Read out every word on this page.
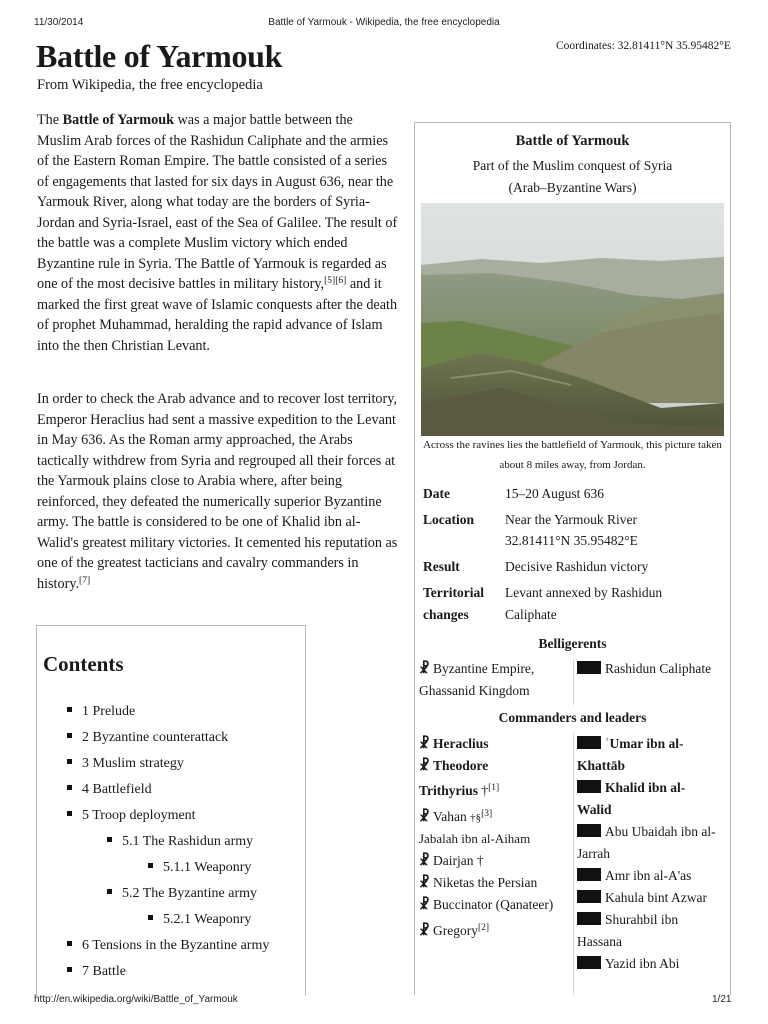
11/30/2014	Battle of Yarmouk - Wikipedia, the free encyclopedia
Coordinates: 32.81411°N 35.95482°E
Battle of Yarmouk
From Wikipedia, the free encyclopedia

The Battle of Yarmouk was a major battle between the Muslim Arab forces of the Rashidun Caliphate and the armies of the Eastern Roman Empire. The battle consisted of a series of engagements that lasted for six days in August 636, near the Yarmouk River, along what today are the borders of Syria-Jordan and Syria-Israel, east of the Sea of Galilee. The result of the battle was a complete Muslim victory which ended Byzantine rule in Syria. The Battle of Yarmouk is regarded as one of the most decisive battles in military history,[5][6] and it marked the first great wave of Islamic conquests after the death of prophet Muhammad, heralding the rapid advance of Islam into the then Christian Levant.

In order to check the Arab advance and to recover lost territory, Emperor Heraclius had sent a massive expedition to the Levant in May 636. As the Roman army approached, the Arabs tactically withdrew from Syria and regrouped all their forces at the Yarmouk plains close to Arabia where, after being reinforced, they defeated the numerically superior Byzantine army. The battle is considered to be one of Khalid ibn al-Walid's greatest military victories. It cemented his reputation as one of the greatest tacticians and cavalry commanders in history.[7]

Contents
1 Prelude
2 Byzantine counterattack
3 Muslim strategy
4 Battlefield
5 Troop deployment
5.1 The Rashidun army
5.1.1 Weaponry
5.2 The Byzantine army
5.2.1 Weaponry
6 Tensions in the Byzantine army
7 Battle
Battle of Yarmouk
Part of the Muslim conquest of Syria
(Arab–Byzantine Wars)
Across the ravines lies the battlefield of Yarmouk, this picture taken about 8 miles away, from Jordan.
Date	15–20 August 636
Location Near the Yarmouk River
32.81411°N 35.95482°E
Result	Decisive Rashidun victory
Territorial
changes
Levant annexed by Rashidun
Caliphate
Belligerents
☧ Byzantine Empire,
Ghassanid Kingdom
Rashidun Caliphate
Commanders and leaders
☧ Heraclius
☧ Theodore
Trithyrius †[1]
☧ Vahan †§[3]
Jabalah ibn al-Aiham
☧ Dairjan †
☧ Niketas the Persian
☧ Buccinator (Qanateer)
☧ Gregory[2]
ʿUmar ibn al-
Khattāb
Khalid ibn al-
Walid
Abu Ubaidah ibn al-
Jarrah
Amr ibn al-A'as
Kahula bint Azwar
Shurahbil ibn
Hassana
Yazid ibn Abi
http://en.wikipedia.org/wiki/Battle_of_Yarmouk	1/21
